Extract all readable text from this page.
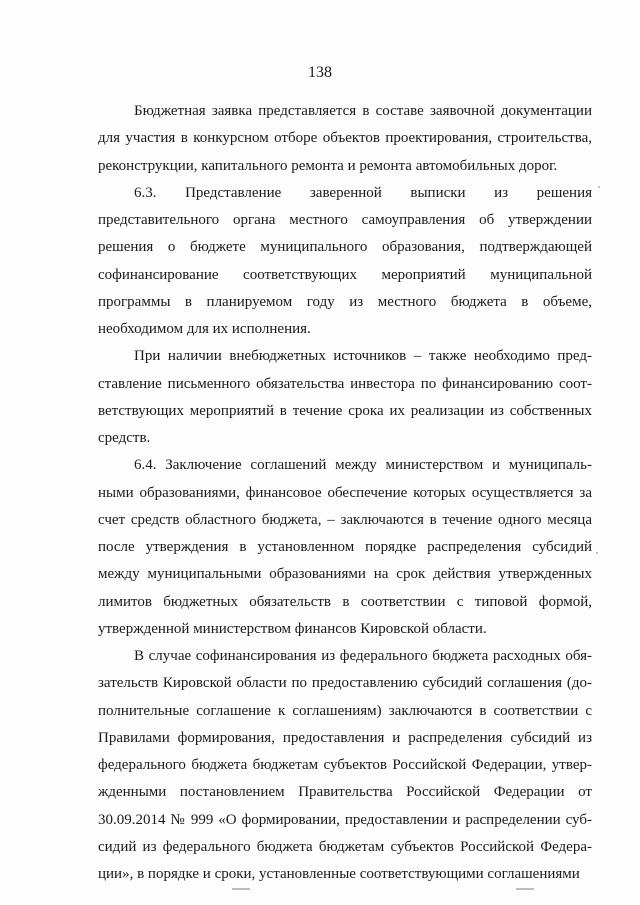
138

Бюджетная заявка представляется в составе заявочной документации для участия в конкурсном отборе объектов проектирования, строительства, реконструкции, капитального ремонта и ремонта автомобильных дорог.

6.3. Представление заверенной выписки из решения представительного органа местного самоуправления об утверждении решения о бюджете муниципального образования, подтверждающей софинансирование соответствующих мероприятий муниципальной программы в планируемом году из местного бюджета в объеме, необходимом для их исполнения.

При наличии внебюджетных источников – также необходимо представление письменного обязательства инвестора по финансированию соответствующих мероприятий в течение срока их реализации из собственных средств.

6.4. Заключение соглашений между министерством и муниципальными образованиями, финансовое обеспечение которых осуществляется за счет средств областного бюджета, – заключаются в течение одного месяца после утверждения в установленном порядке распределения субсидий между муниципальными образованиями на срок действия утвержденных лимитов бюджетных обязательств в соответствии с типовой формой, утвержденной министерством финансов Кировской области.

В случае софинансирования из федерального бюджета расходных обязательств Кировской области по предоставлению субсидий соглашения (дополнительные соглашение к соглашениям) заключаются в соответствии с Правилами формирования, предоставления и распределения субсидий из федерального бюджета бюджетам субъектов Российской Федерации, утвержденными постановлением Правительства Российской Федерации от 30.09.2014 № 999 «О формировании, предоставлении и распределении субсидий из федерального бюджета бюджетам субъектов Российской Федерации», в порядке и сроки, установленные соответствующими соглашениями
